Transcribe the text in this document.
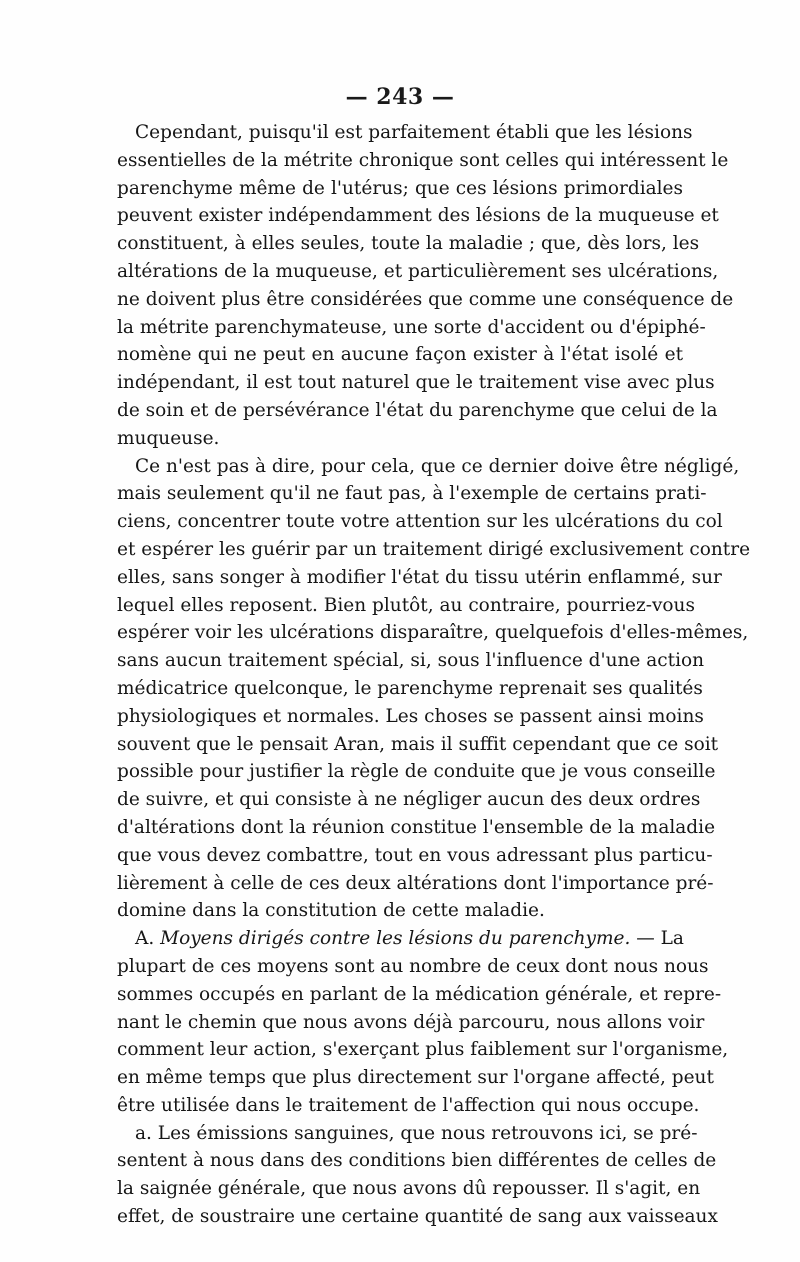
— 243 —
Cependant, puisqu'il est parfaitement établi que les lésions
essentielles de la métrite chronique sont celles qui intéressent le
parenchyme même de l'utérus; que ces lésions primordiales
peuvent exister indépendamment des lésions de la muqueuse et
constituent, à elles seules, toute la maladie ; que, dès lors, les
altérations de la muqueuse, et particulièrement ses ulcérations,
ne doivent plus être considérées que comme une conséquence de
la métrite parenchymateuse, une sorte d'accident ou d'épiphé-
nomène qui ne peut en aucune façon exister à l'état isolé et
indépendant, il est tout naturel que le traitement vise avec plus
de soin et de persévérance l'état du parenchyme que celui de la
muqueuse.
Ce n'est pas à dire, pour cela, que ce dernier doive être négligé,
mais seulement qu'il ne faut pas, à l'exemple de certains prati-
ciens, concentrer toute votre attention sur les ulcérations du col
et espérer les guérir par un traitement dirigé exclusivement contre
elles, sans songer à modifier l'état du tissu utérin enflammé, sur
lequel elles reposent. Bien plutôt, au contraire, pourriez-vous
espérer voir les ulcérations disparaître, quelquefois d'elles-mêmes,
sans aucun traitement spécial, si, sous l'influence d'une action
médicatrice quelconque, le parenchyme reprenait ses qualités
physiologiques et normales. Les choses se passent ainsi moins
souvent que le pensait Aran, mais il suffit cependant que ce soit
possible pour justifier la règle de conduite que je vous conseille
de suivre, et qui consiste à ne négliger aucun des deux ordres
d'altérations dont la réunion constitue l'ensemble de la maladie
que vous devez combattre, tout en vous adressant plus particu-
lièrement à celle de ces deux altérations dont l'importance pré-
domine dans la constitution de cette maladie.
A. Moyens dirigés contre les lésions du parenchyme. — La
plupart de ces moyens sont au nombre de ceux dont nous nous
sommes occupés en parlant de la médication générale, et repre-
nant le chemin que nous avons déjà parcouru, nous allons voir
comment leur action, s'exerçant plus faiblement sur l'organisme,
en même temps que plus directement sur l'organe affecté, peut
être utilisée dans le traitement de l'affection qui nous occupe.
a. Les émissions sanguines, que nous retrouvons ici, se pré-
sentent à nous dans des conditions bien différentes de celles de
la saignée générale, que nous avons dû repousser. Il s'agit, en
effet, de soustraire une certaine quantité de sang aux vaisseaux
